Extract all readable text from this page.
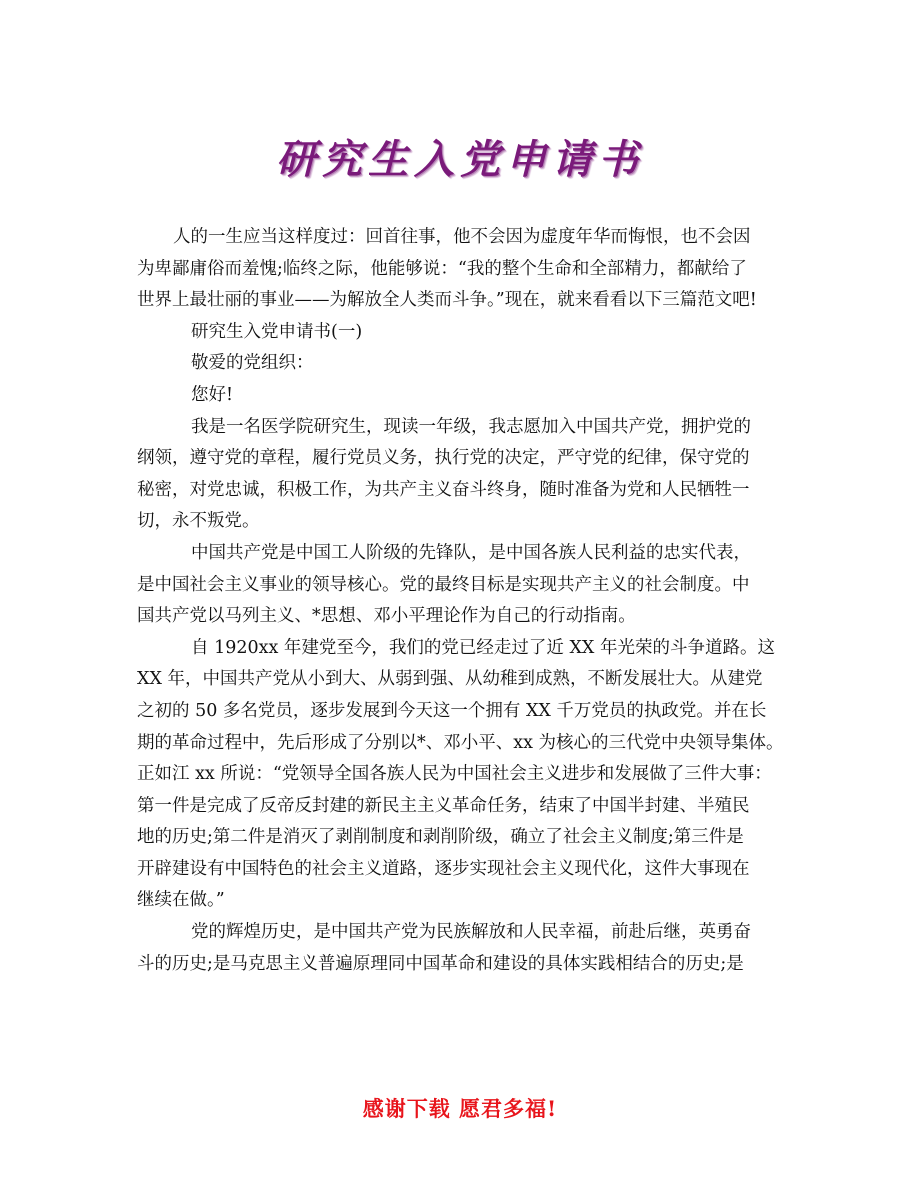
研究生入党申请书
人的一生应当这样度过：回首往事，他不会因为虚度年华而悔恨，也不会因
为卑鄙庸俗而羞愧;临终之际，他能够说：“我的整个生命和全部精力，都献给了
世界上最壮丽的事业——为解放全人类而斗争。”现在，就来看看以下三篇范文吧!
研究生入党申请书(一)
敬爱的党组织：
您好!
我是一名医学院研究生，现读一年级，我志愿加入中国共产党，拥护党的
纲领，遵守党的章程，履行党员义务，执行党的决定，严守党的纪律，保守党的
秘密，对党忠诚，积极工作，为共产主义奋斗终身，随时准备为党和人民牺牲一
切，永不叛党。
中国共产党是中国工人阶级的先锋队，是中国各族人民利益的忠实代表，
是中国社会主义事业的领导核心。党的最终目标是实现共产主义的社会制度。中
国共产党以马列主义、*思想、邓小平理论作为自己的行动指南。
自 1920xx 年建党至今，我们的党已经走过了近 XX 年光荣的斗争道路。这
XX 年，中国共产党从小到大、从弱到强、从幼稚到成熟，不断发展壮大。从建党
之初的 50 多名党员，逐步发展到今天这一个拥有 XX 千万党员的执政党。并在长
期的革命过程中，先后形成了分别以*、邓小平、xx 为核心的三代党中央领导集体。
正如江 xx 所说：“党领导全国各族人民为中国社会主义进步和发展做了三件大事：
第一件是完成了反帝反封建的新民主主义革命任务，结束了中国半封建、半殖民
地的历史;第二件是消灭了剥削制度和剥削阶级，确立了社会主义制度;第三件是
开辟建设有中国特色的社会主义道路，逐步实现社会主义现代化，这件大事现在
继续在做。”
党的辉煌历史，是中国共产党为民族解放和人民幸福，前赴后继，英勇奋
斗的历史;是马克思主义普遍原理同中国革命和建设的具体实践相结合的历史;是
感谢下载 愿君多福!
